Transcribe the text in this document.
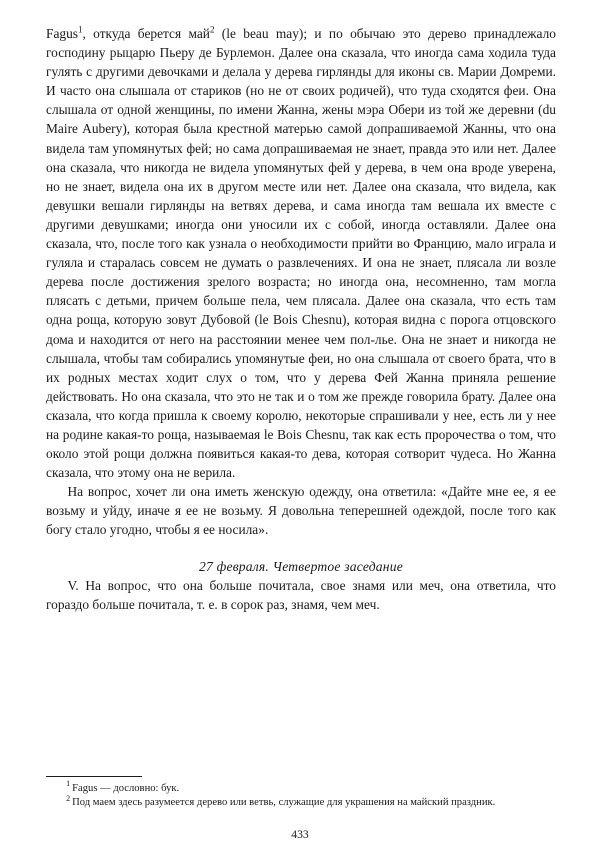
Fagus$^1$, откуда берется май$^2$ (le beau may); и по обычаю это дерево принадлежало господину рыцарю Пьеру де Бурлемон. Далее она сказала, что иногда сама ходила туда гулять с другими девочками и делала у дерева гирлянды для иконы св. Марии Домреми. И часто она слышала от стариков (но не от своих родичей), что туда сходятся феи. Она слышала от одной женщины, по имени Жанна, жены мэра Обери из той же деревни (du Maire Aubery), которая была крестной матерью самой допрашиваемой Жанны, что она видела там упомянутых фей; но сама допрашиваемая не знает, правда это или нет. Далее она сказала, что никогда не видела упомянутых фей у дерева, в чем она вроде уверена, но не знает, видела она их в другом месте или нет. Далее она сказала, что видела, как девушки вешали гирлянды на ветвях дерева, и сама иногда там вешала их вместе с другими девушками; иногда они уносили их с собой, иногда оставляли. Далее она сказала, что, после того как узнала о необходимости прийти во Францию, мало играла и гуляла и старалась совсем не думать о развлечениях. И она не знает, плясала ли возле дерева после достижения зрелого возраста; но иногда она, несомненно, там могла плясать с детьми, причем больше пела, чем плясала. Далее она сказала, что есть там одна роща, которую зовут Дубовой (le Bois Chesnu), которая видна с порога отцовского дома и находится от него на расстоянии менее чем пол-лье. Она не знает и никогда не слышала, чтобы там собирались упомянутые феи, но она слышала от своего брата, что в их родных местах ходит слух о том, что у дерева Фей Жанна приняла решение действовать. Но она сказала, что это не так и о том же прежде говорила брату. Далее она сказала, что когда пришла к своему королю, некоторые спрашивали у нее, есть ли у нее на родине какая-то роща, называемая le Bois Chesnu, так как есть пророчества о том, что около этой рощи должна появиться какая-то дева, которая сотворит чудеса. Но Жанна сказала, что этому она не верила.

На вопрос, хочет ли она иметь женскую одежду, она ответила: «Дайте мне ее, я ее возьму и уйду, иначе я ее не возьму. Я довольна теперешней одеждой, после того как богу стало угодно, чтобы я ее носила».

27 февраля. Четвертое заседание

V. На вопрос, что она больше почитала, свое знамя или меч, она ответила, что гораздо больше почитала, т. е. в сорок раз, знамя, чем меч.

$^1$ Fagus — дословно: бук.

$^2$ Под маем здесь разумеется дерево или ветвь, служащие для украшения на майский праздник.

433
